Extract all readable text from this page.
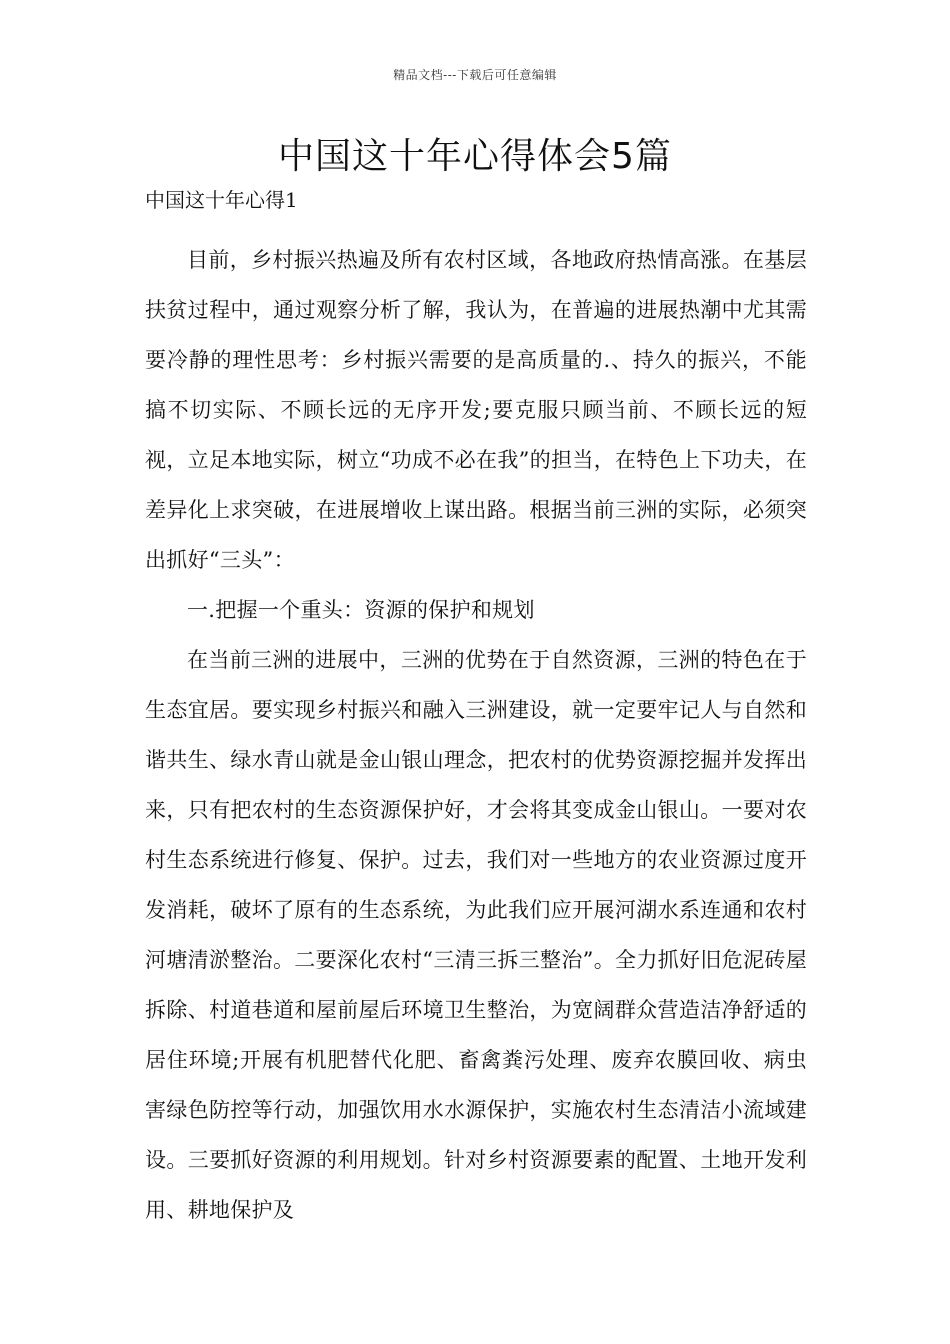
精品文档---下载后可任意编辑
中国这十年心得体会5篇
中国这十年心得1

目前，乡村振兴热遍及所有农村区域，各地政府热情高涨。在基层扶贫过程中，通过观察分析了解，我认为，在普遍的进展热潮中尤其需要冷静的理性思考：乡村振兴需要的是高质量的.、持久的振兴，不能搞不切实际、不顾长远的无序开发;要克服只顾当前、不顾长远的短视，立足本地实际，树立“功成不必在我”的担当，在特色上下功夫，在差异化上求突破，在进展增收上谋出路。根据当前三洲的实际，必须突出抓好“三头”：

一.把握一个重头：资源的保护和规划

在当前三洲的进展中，三洲的优势在于自然资源，三洲的特色在于生态宜居。要实现乡村振兴和融入三洲建设，就一定要牢记人与自然和谐共生、绿水青山就是金山银山理念，把农村的优势资源挖掘并发挥出来，只有把农村的生态资源保护好，才会将其变成金山银山。一要对农村生态系统进行修复、保护。过去，我们对一些地方的农业资源过度开发消耗，破坏了原有的生态系统，为此我们应开展河湖水系连通和农村河塘清淤整治。二要深化农村“三清三拆三整治”。全力抓好旧危泥砖屋拆除、村道巷道和屋前屋后环境卫生整治，为宽阔群众营造洁净舒适的居住环境;开展有机肥替代化肥、畜禽粪污处理、废弃农膜回收、病虫害绿色防控等行动，加强饮用水水源保护，实施农村生态清洁小流域建设。三要抓好资源的利用规划。针对乡村资源要素的配置、土地开发利用、耕地保护及
